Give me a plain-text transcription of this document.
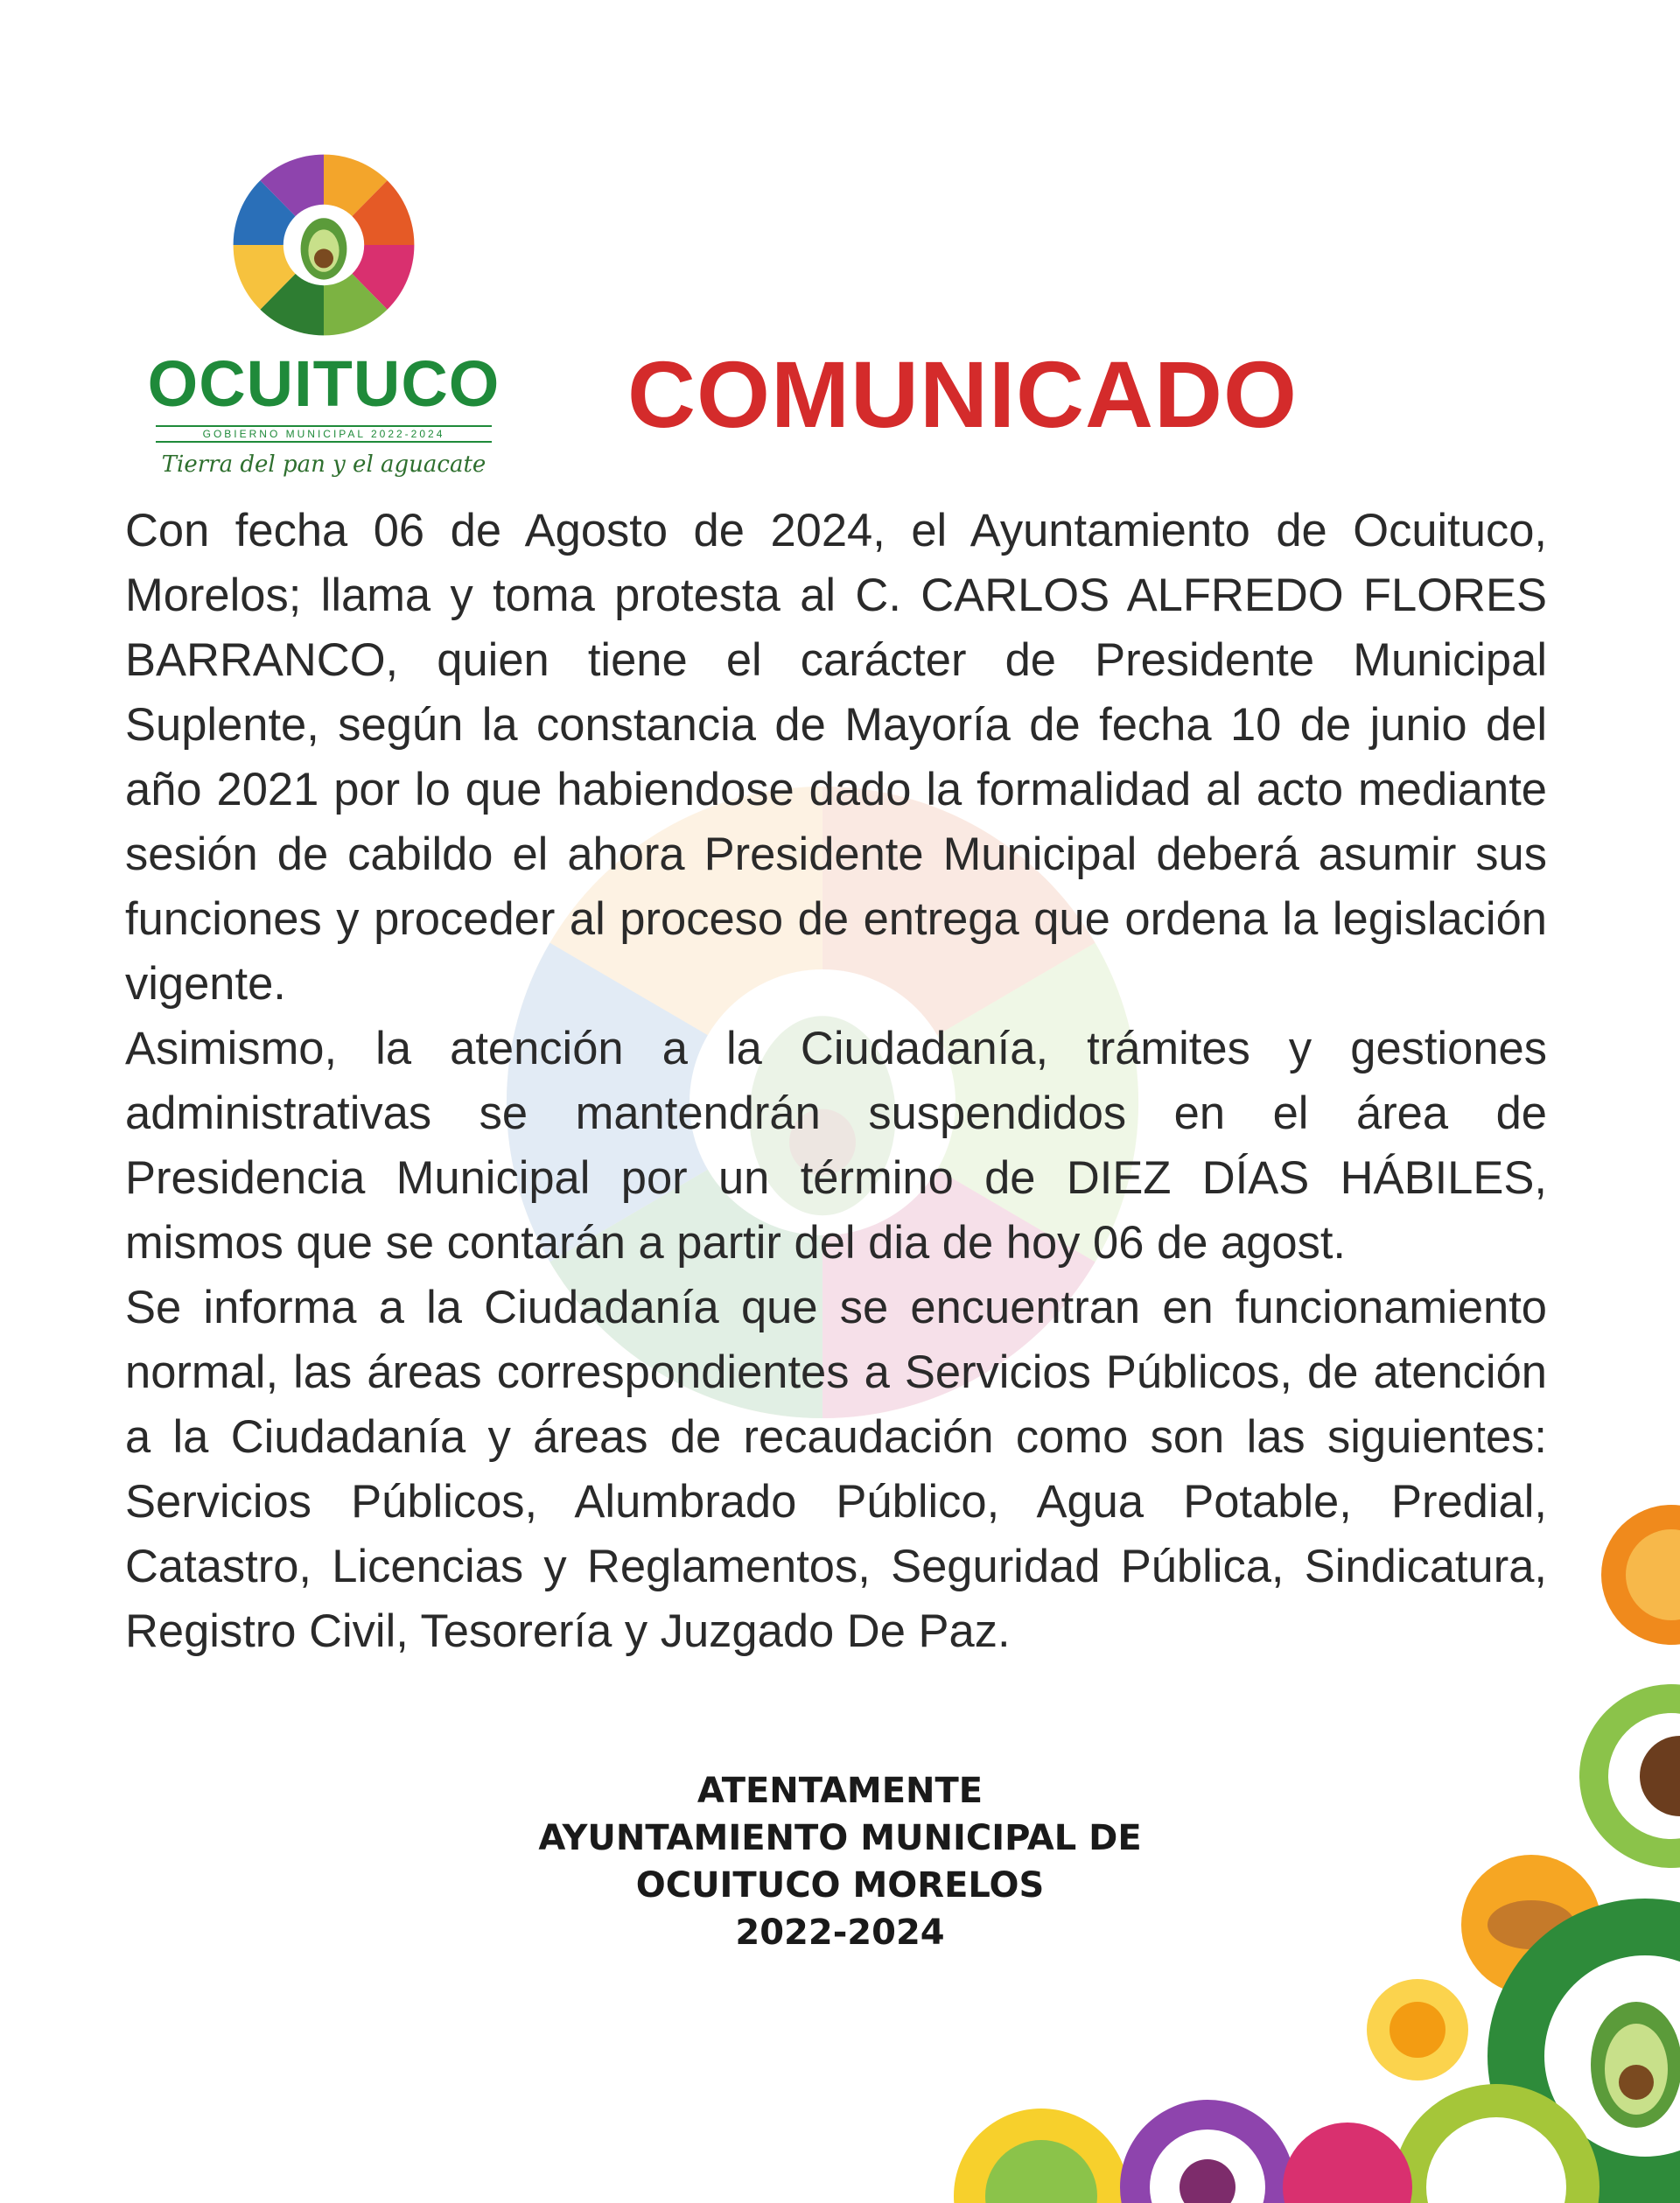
OCUITUCO
GOBIERNO MUNICIPAL 2022-2024
Tierra del pan y el aguacate
COMUNICADO

Con fecha 06 de Agosto de 2024, el Ayuntamiento de Ocuituco, Morelos; llama y toma protesta al C. CARLOS ALFREDO FLORES BARRANCO, quien tiene el carácter de Presidente Municipal Suplente, según la constancia de Mayoría de fecha 10 de junio del año 2021 por lo que habiendose dado la formalidad al acto mediante sesión de cabildo el ahora Presidente Municipal deberá asumir sus funciones y proceder al proceso de entrega que ordena la legislación vigente.

Asimismo, la atención a la Ciudadanía, trámites y gestiones administrativas se mantendrán suspendidos en el área de Presidencia Municipal por un término de DIEZ DÍAS HÁBILES, mismos que se contarán a partir del dia de hoy 06 de agost.

Se informa a la Ciudadanía que se encuentran en funcionamiento normal, las áreas correspondientes a Servicios Públicos, de atención a la Ciudadanía y áreas de recaudación como son las siguientes: Servicios Públicos, Alumbrado Público, Agua Potable, Predial, Catastro, Licencias y Reglamentos, Seguridad Pública, Sindicatura, Registro Civil, Tesorería y Juzgado De Paz.

ATENTAMENTE
AYUNTAMIENTO MUNICIPAL DE
OCUITUCO MORELOS
2022-2024
